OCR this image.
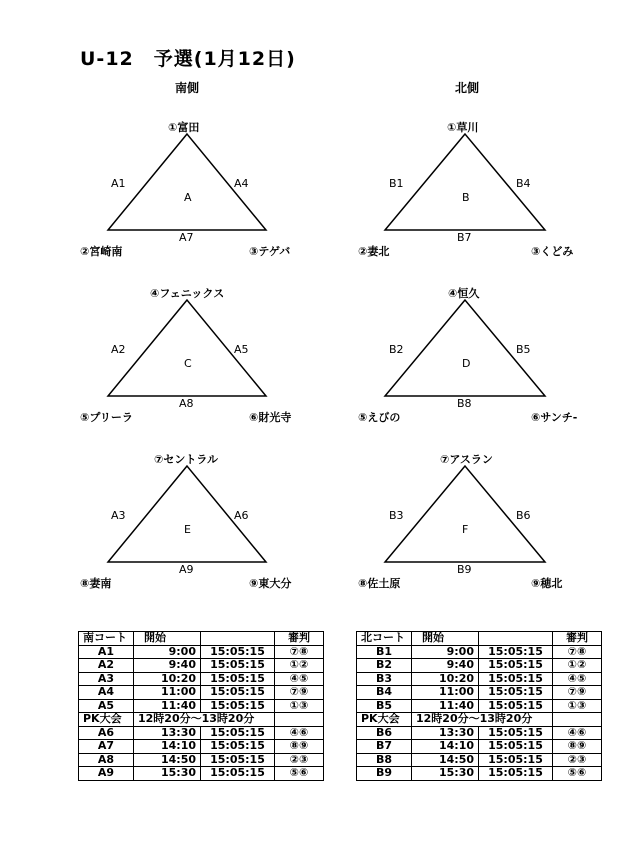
U-12　予選(1月12日)
南側	北側
①富田
A1	A4
A
A7
②宮崎南	③テゲバ
①草川
B1	B4
B
B7
②妻北	③くどみ
④フェニックス
A2	A5
C
A8
⑤プリーラ	⑥財光寺
④恒久
B2	B5
D
B8
⑤えびの	⑥サンチ-
⑦セントラル
A3	A6
E
A9
⑧妻南	⑨東大分
⑦アスラン
B3	B6
F
B9
⑧佐土原	⑨穂北
南コート	開始		審判
A1	9:00	15:05:15	⑦⑧
A2	9:40	15:05:15	①②
A3	10:20	15:05:15	④⑤
A4	11:00	15:05:15	⑦⑨
A5	11:40	15:05:15	①③
PK大会	12時20分～13時20分		
A6	13:30	15:05:15	④⑥
A7	14:10	15:05:15	⑧⑨
A8	14:50	15:05:15	②③
A9	15:30	15:05:15	⑤⑥
北コート	開始		審判
B1	9:00	15:05:15	⑦⑧
B2	9:40	15:05:15	①②
B3	10:20	15:05:15	④⑤
B4	11:00	15:05:15	⑦⑨
B5	11:40	15:05:15	①③
PK大会	12時20分～13時20分		
B6	13:30	15:05:15	④⑥
B7	14:10	15:05:15	⑧⑨
B8	14:50	15:05:15	②③
B9	15:30	15:05:15	⑤⑥
